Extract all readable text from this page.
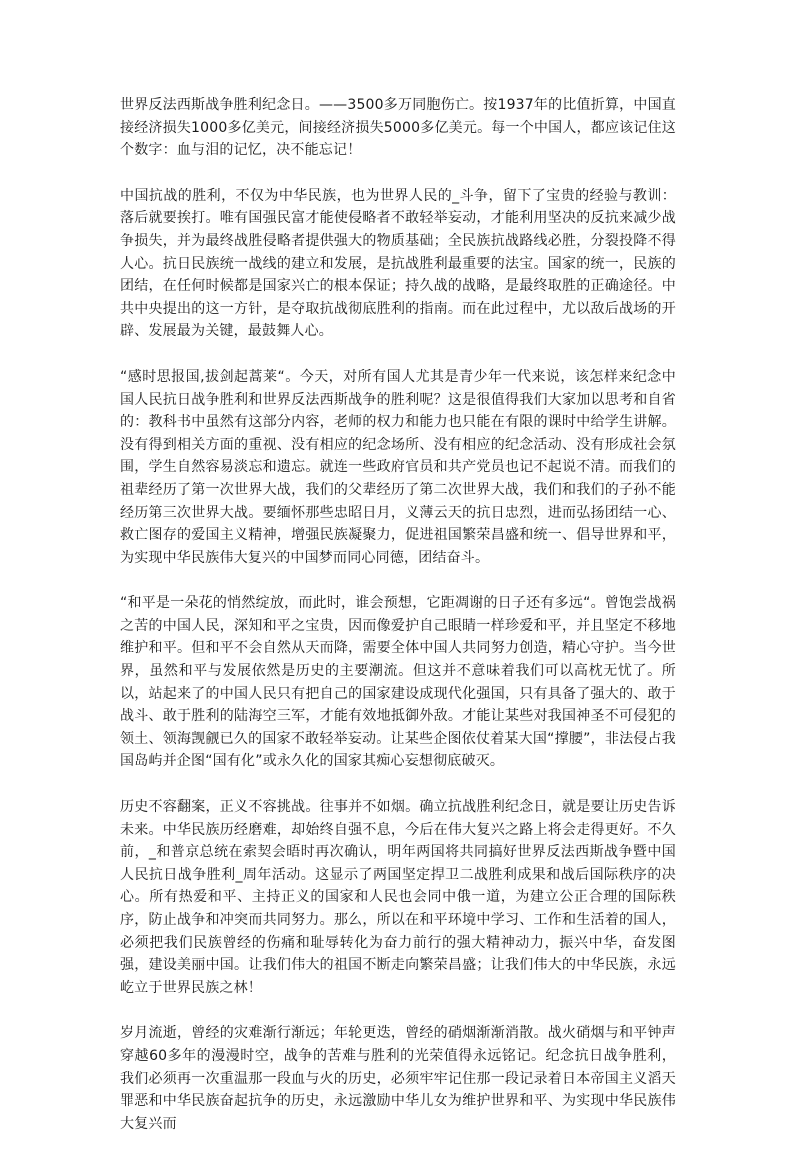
世界反法西斯战争胜利纪念日。——3500多万同胞伤亡。按1937年的比值折算，中国直接经济损失1000多亿美元，间接经济损失5000多亿美元。每一个中国人，都应该记住这个数字：血与泪的记忆，决不能忘记！

中国抗战的胜利，不仅为中华民族，也为世界人民的_斗争，留下了宝贵的经验与教训：落后就要挨打。唯有国强民富才能使侵略者不敢轻举妄动，才能利用坚决的反抗来减少战争损失，并为最终战胜侵略者提供强大的物质基础；全民族抗战路线必胜，分裂投降不得人心。抗日民族统一战线的建立和发展，是抗战胜利最重要的法宝。国家的统一，民族的团结，在任何时候都是国家兴亡的根本保证；持久战的战略，是最终取胜的正确途径。中共中央提出的这一方针，是夺取抗战彻底胜利的指南。而在此过程中，尤以敌后战场的开辟、发展最为关键，最鼓舞人心。

“感时思报国,拔剑起蒿莱“。今天，对所有国人尤其是青少年一代来说，该怎样来纪念中国人民抗日战争胜利和世界反法西斯战争的胜利呢？这是很值得我们大家加以思考和自省的：教科书中虽然有这部分内容，老师的权力和能力也只能在有限的课时中给学生讲解。没有得到相关方面的重视、没有相应的纪念场所、没有相应的纪念活动、没有形成社会氛围，学生自然容易淡忘和遗忘。就连一些政府官员和共产党员也记不起说不清。而我们的祖辈经历了第一次世界大战，我们的父辈经历了第二次世界大战，我们和我们的子孙不能经历第三次世界大战。要缅怀那些忠昭日月，义薄云天的抗日忠烈，进而弘扬团结一心、救亡图存的爱国主义精神，增强民族凝聚力，促进祖国繁荣昌盛和统一、倡导世界和平，为实现中华民族伟大复兴的中国梦而同心同德，团结奋斗。

“和平是一朵花的悄然绽放，而此时，谁会预想，它距凋谢的日子还有多远“。曾饱尝战祸之苦的中国人民，深知和平之宝贵，因而像爱护自己眼睛一样珍爱和平，并且坚定不移地维护和平。但和平不会自然从天而降，需要全体中国人共同努力创造，精心守护。当今世界，虽然和平与发展依然是历史的主要潮流。但这并不意味着我们可以高枕无忧了。所以，站起来了的中国人民只有把自己的国家建设成现代化强国，只有具备了强大的、敢于战斗、敢于胜利的陆海空三军，才能有效地抵御外敌。才能让某些对我国神圣不可侵犯的领土、领海觊觎已久的国家不敢轻举妄动。让某些企图依仗着某大国“撑腰”，非法侵占我国岛屿并企图“国有化”或永久化的国家其痴心妄想彻底破灭。

历史不容翻案，正义不容挑战。往事并不如烟。确立抗战胜利纪念日，就是要让历史告诉未来。中华民族历经磨难，却始终自强不息，今后在伟大复兴之路上将会走得更好。不久前，_和普京总统在索契会晤时再次确认，明年两国将共同搞好世界反法西斯战争暨中国人民抗日战争胜利_周年活动。这显示了两国坚定捍卫二战胜利成果和战后国际秩序的决心。所有热爱和平、主持正义的国家和人民也会同中俄一道，为建立公正合理的国际秩序，防止战争和冲突而共同努力。那么，所以在和平环境中学习、工作和生活着的国人，必须把我们民族曾经的伤痛和耻辱转化为奋力前行的强大精神动力，振兴中华，奋发图强，建设美丽中国。让我们伟大的祖国不断走向繁荣昌盛；让我们伟大的中华民族，永远屹立于世界民族之林！

岁月流逝，曾经的灾难渐行渐远；年轮更迭，曾经的硝烟渐渐消散。战火硝烟与和平钟声穿越60多年的漫漫时空，战争的苦难与胜利的光荣值得永远铭记。纪念抗日战争胜利，我们必须再一次重温那一段血与火的历史，必须牢牢记住那一段记录着日本帝国主义滔天罪恶和中华民族奋起抗争的历史，永远激励中华儿女为维护世界和平、为实现中华民族伟大复兴而
